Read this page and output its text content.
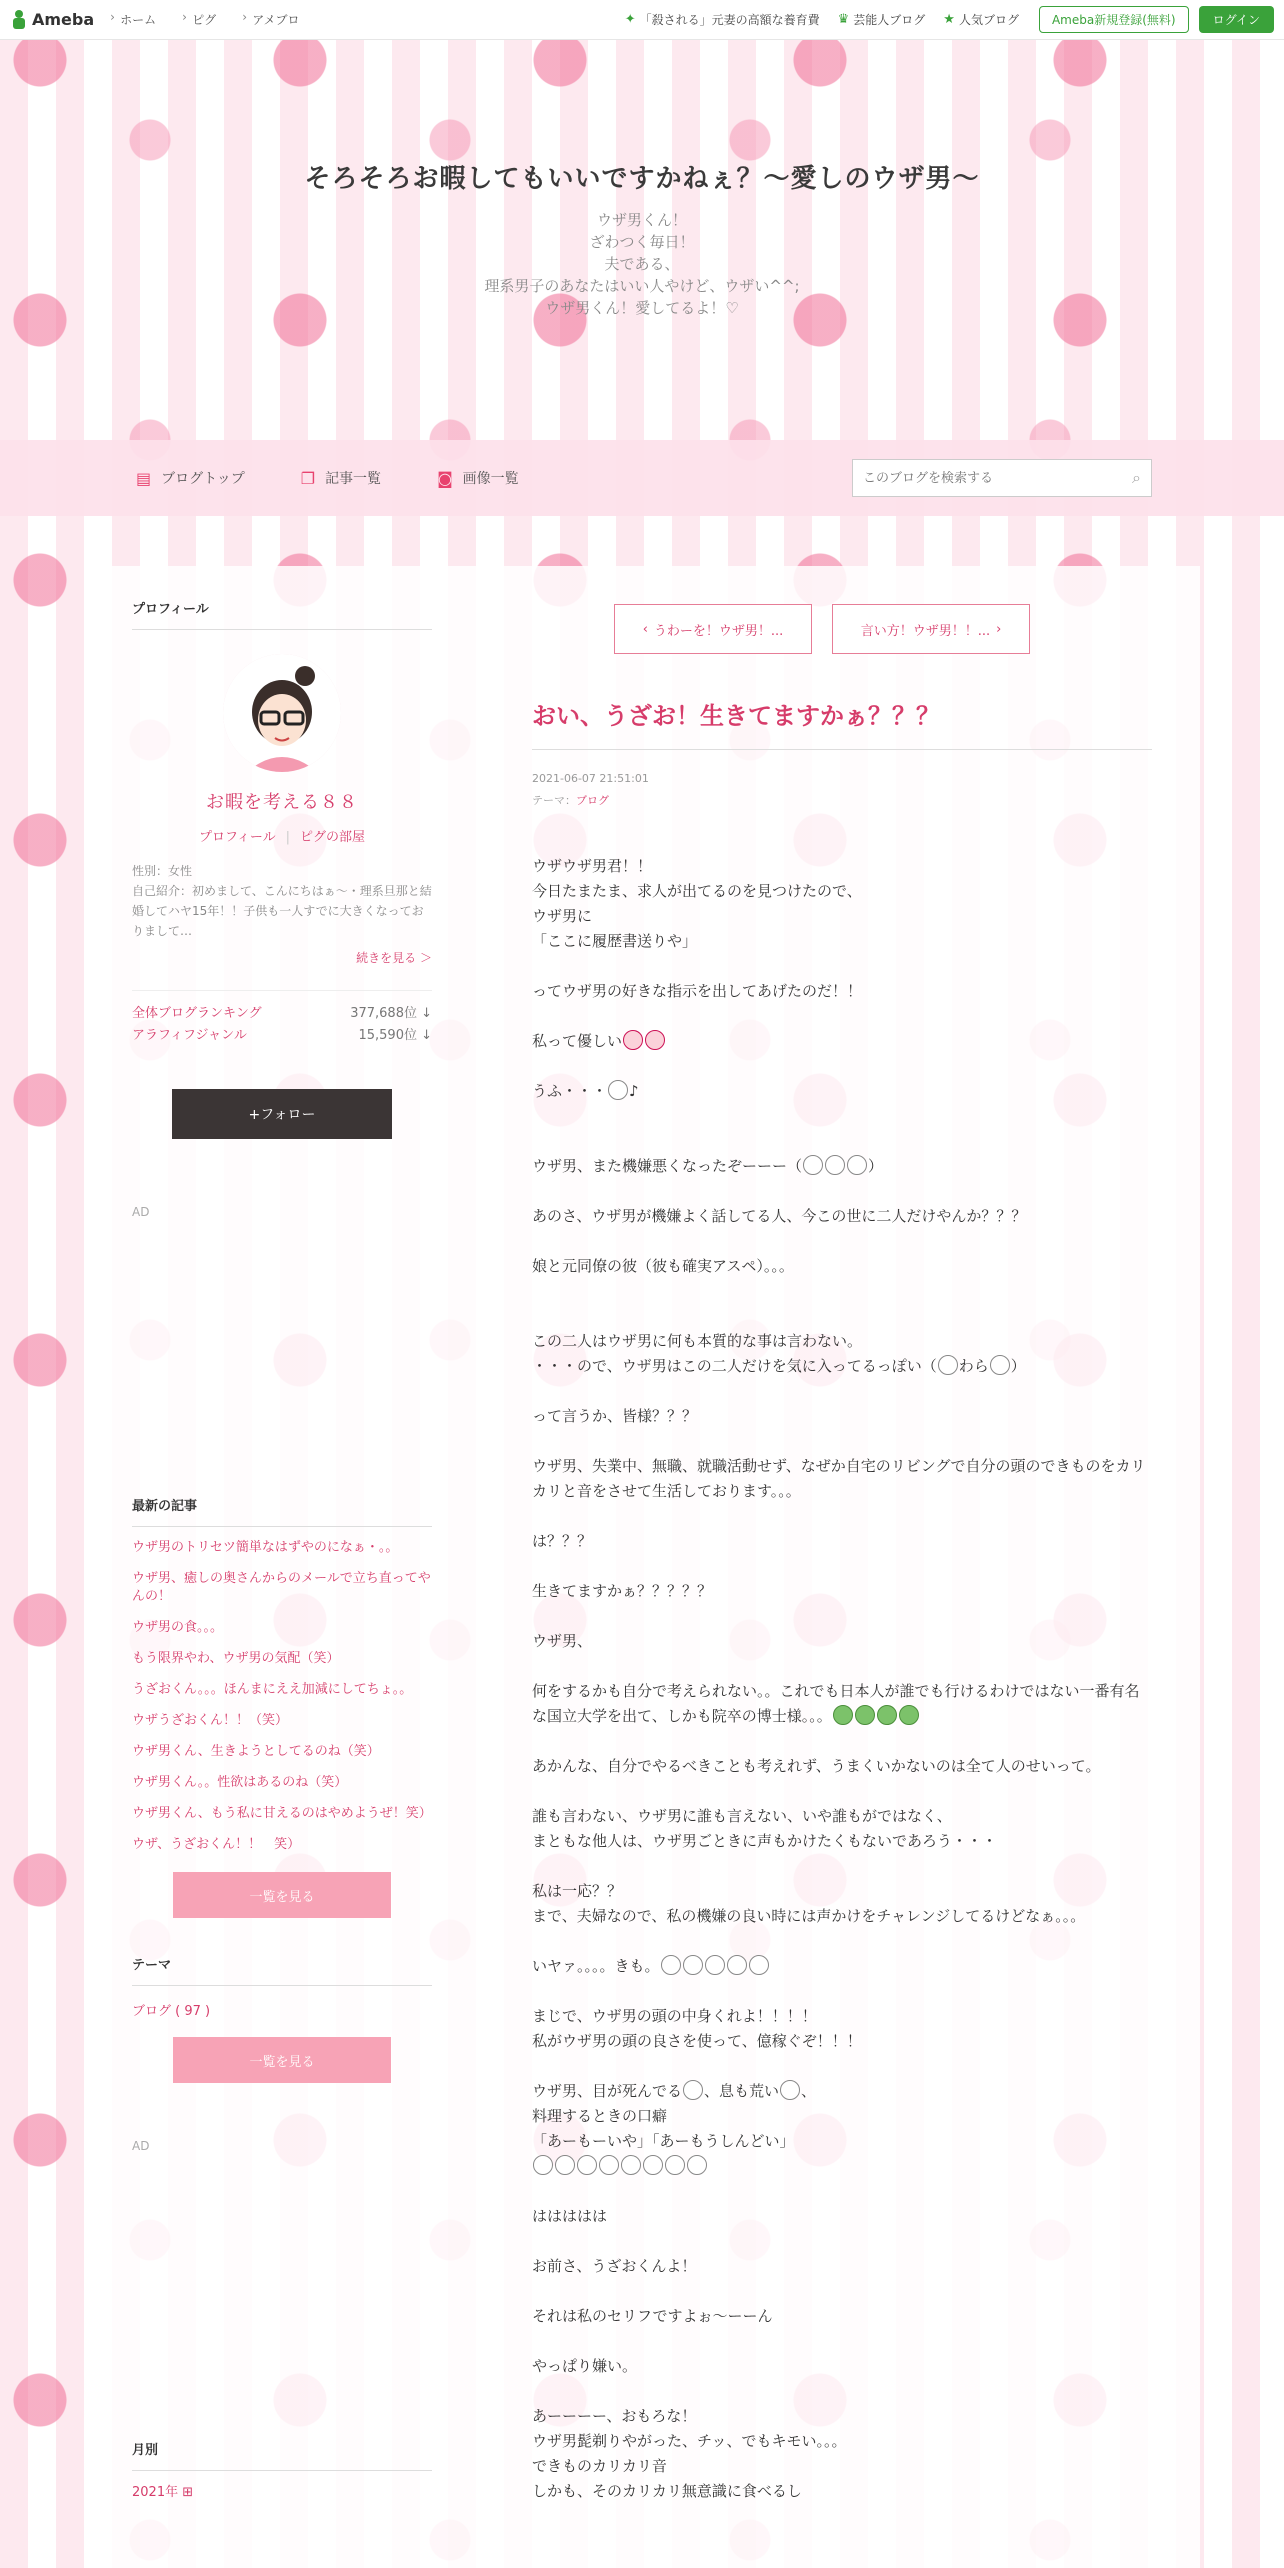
Ameba	› ホーム	› ピグ	› アメブロ	✦ 「殺される」元妻の高額な養育費 ♛ 芸能人ブログ ★ 人気ブログ	Ameba新規登録(無料)	ログイン
そろそろお暇してもいいですかねぇ？〜愛しのウザ男〜
ウザ男くん！
ざわつく毎日！
夫である、
理系男子のあなたはいい人やけど、ウザい^^;
ウザ男くん！愛してるよ！♡
▤ ブログトップ	❐ 記事一覧	◙ 画像一覧
このブログを検索する	⌕
プロフィール
お暇を考える８８
プロフィール | ピグの部屋
性別：女性
自己紹介：初めまして、こんにちはぁ〜・理系旦那と結婚してハヤ15年！！子供も一人すでに大きくなっておりまして…
続きを見る ＞
全体ブログランキング	377,688位 ↓
アラフィフジャンル	15,590位 ↓
+フォロー
AD
最新の記事
ウザ男のトリセツ簡単なはずやのになぁ・。。
ウザ男、癒しの奥さんからのメールで立ち直ってやんの！
ウザ男の食。。。
もう限界やわ、ウザ男の気配（笑）
うざおくん。。。ほんまにええ加減にしてちょ。。
ウザうざおくん！！（笑）
ウザ男くん、生きようとしてるのね（笑）
ウザ男くん。。性欲はあるのね（笑）
ウザ男くん、もう私に甘えるのはやめようぜ！笑）
ウザ、うざおくん！！　笑）
一覧を見る
テーマ
ブログ ( 97 )
一覧を見る
AD
月別
2021年 ⊞
‹ うわーを！ウザ男！...	言い方！ウザ男！！... ›
おい、うざお！生きてますかぁ？？？
2021-06-07 21:51:01
テーマ：ブログ
ウザウザ男君！！
今日たまたま、求人が出てるのを見つけたので、
ウザ男に
「ここに履歴書送りや」
ってウザ男の好きな指示を出してあげたのだ！！
私って優しい
うふ・・・ ♪

ウザ男、また機嫌悪くなったぞーーー（	）
あのさ、ウザ男が機嫌よく話してる人、今この世に二人だけやんか？？？
娘と元同僚の彼（彼も確実アスペ）。。。

この二人はウザ男に何も本質的な事は言わない。
・・・ので、ウザ男はこの二人だけを気に入ってるっぽい（ わら ）
って言うか、皆様？？？
ウザ男、失業中、無職、就職活動せず、なぜか自宅のリビングで自分の頭のできものをカリカリと音をさせて生活しております。。。
は？？？
生きてますかぁ？？？？？
ウザ男、
何をするかも自分で考えられない。。これでも日本人が誰でも行けるわけではない一番有名な国立大学を出て、しかも院卒の博士様。。。
あかんな、自分でやるべきことも考えれず、うまくいかないのは全て人のせいって。
誰も言わない、ウザ男に誰も言えない、いや誰もがではなく、
まともな他人は、ウザ男ごときに声もかけたくもないであろう・・・
私は一応？？
まで、夫婦なので、私の機嫌の良い時には声かけをチャレンジしてるけどなぁ。。。
いヤァ。。。。きも。
まじで、ウザ男の頭の中身くれよ！！！！
私がウザ男の頭の良さを使って、億稼ぐぞ！！！
ウザ男、目が死んでる 、息も荒い 、
料理するときの口癖
「あーもーいや」「あーもうしんどい」

ははははは
お前さ、うざおくんよ！
それは私のセリフですよぉ～ーーん
やっぱり嫌い。
あーーーー、おもろな！
ウザ男髭剃りやがった、チッ、でもキモい。。。
できものカリカリ音
しかも、そのカリカリ無意識に食べるし
